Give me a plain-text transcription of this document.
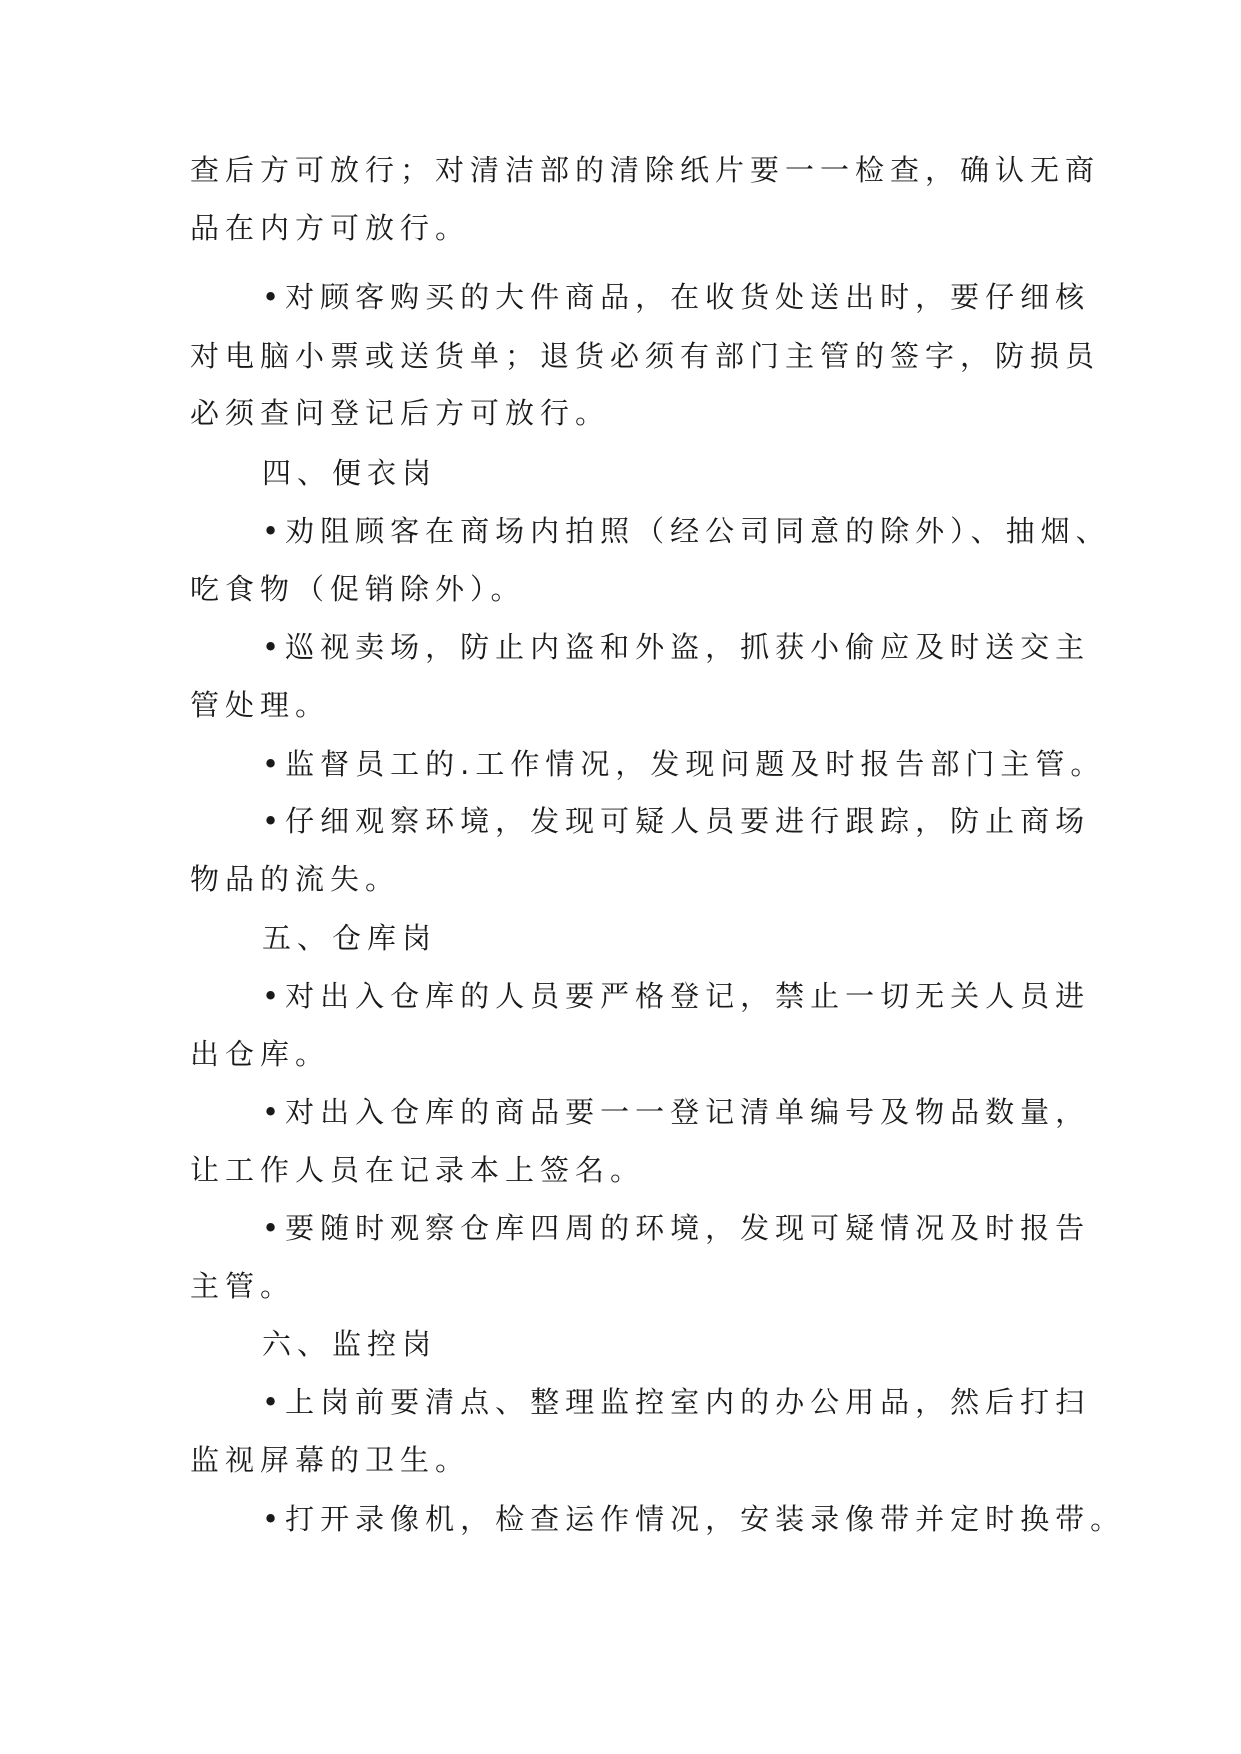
查后方可放行；对清洁部的清除纸片要一一检查，确认无商
品在内方可放行。
•对顾客购买的大件商品，在收货处送出时，要仔细核
对电脑小票或送货单；退货必须有部门主管的签字，防损员
必须查问登记后方可放行。
四、便衣岗
•劝阻顾客在商场内拍照（经公司同意的除外）、抽烟、
吃食物（促销除外）。
•巡视卖场，防止内盗和外盗，抓获小偷应及时送交主
管处理。
•监督员工的.工作情况，发现问题及时报告部门主管。
•仔细观察环境，发现可疑人员要进行跟踪，防止商场
物品的流失。
五、仓库岗
•对出入仓库的人员要严格登记，禁止一切无关人员进
出仓库。
•对出入仓库的商品要一一登记清单编号及物品数量，
让工作人员在记录本上签名。
•要随时观察仓库四周的环境，发现可疑情况及时报告
主管。
六、监控岗
•上岗前要清点、整理监控室内的办公用品，然后打扫
监视屏幕的卫生。
•打开录像机，检查运作情况，安装录像带并定时换带。
